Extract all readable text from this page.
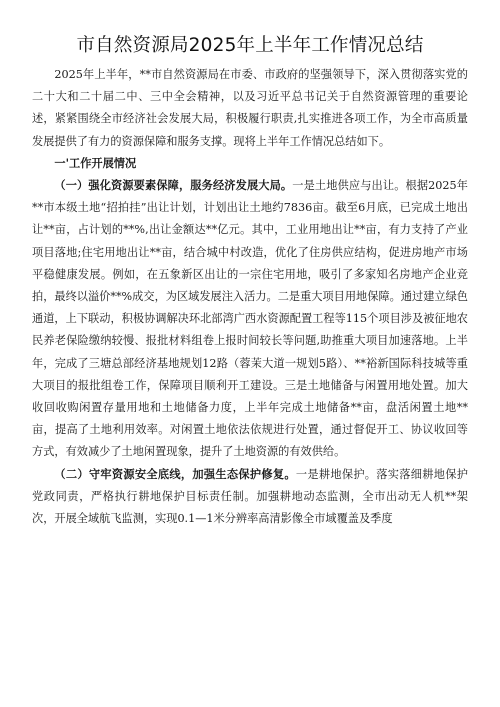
市自然资源局2025年上半年工作情况总结

2025年上半年，**市自然资源局在市委、市政府的坚强领导下，深入贯彻落实党的二十大和二十届二中、三中全会精神，以及习近平总书记关于自然资源管理的重要论述，紧紧围绕全市经济社会发展大局，积极履行职责,扎实推进各项工作，为全市高质量发展提供了有力的资源保障和服务支撑。现将上半年工作情况总结如下。

一'工作开展情况

（一）强化资源要素保障，服务经济发展大局。一是土地供应与出让。根据2025年**市本级土地“招拍挂”出让计划，计划出让土地约7836亩。截至6月底，已完成土地出让**亩，占计划的**%,出让金额达**亿元。其中，工业用地出让**亩，有力支持了产业项目落地;住宅用地出让**亩，结合城中村改造，优化了住房供应结构，促进房地产市场平稳健康发展。例如，在五象新区出让的一宗住宅用地，吸引了多家知名房地产企业竞拍，最终以溢价**%成交，为区域发展注入活力。二是重大项目用地保障。通过建立绿色通道，上下联动，积极协调解决环北部湾广西水资源配置工程等115个项目涉及被征地农民养老保险缴纳较慢、报批材料组卷上报时间较长等问题,助推重大项目加速落地。上半年，完成了三塘总部经济基地规划12路（蓉茉大道一规划5路）、**裕新国际科技城等重大项目的报批组卷工作，保障项目顺利开工建设。三是土地储备与闲置用地处置。加大收回收购闲置存量用地和土地储备力度，上半年完成土地储备**亩，盘活闲置土地**亩，提高了土地利用效率。对闲置土地依法依规进行处置，通过督促开工、协议收回等方式，有效减少了土地闲置现象，提升了土地资源的有效供给。

（二）守牢资源安全底线，加强生态保护修复。一是耕地保护。落实落细耕地保护党政同责，严格执行耕地保护目标责任制。加强耕地动态监测，全市出动无人机**架次，开展全域航飞监测，实现0.1—1米分辨率高清影像全市域覆盖及季度
